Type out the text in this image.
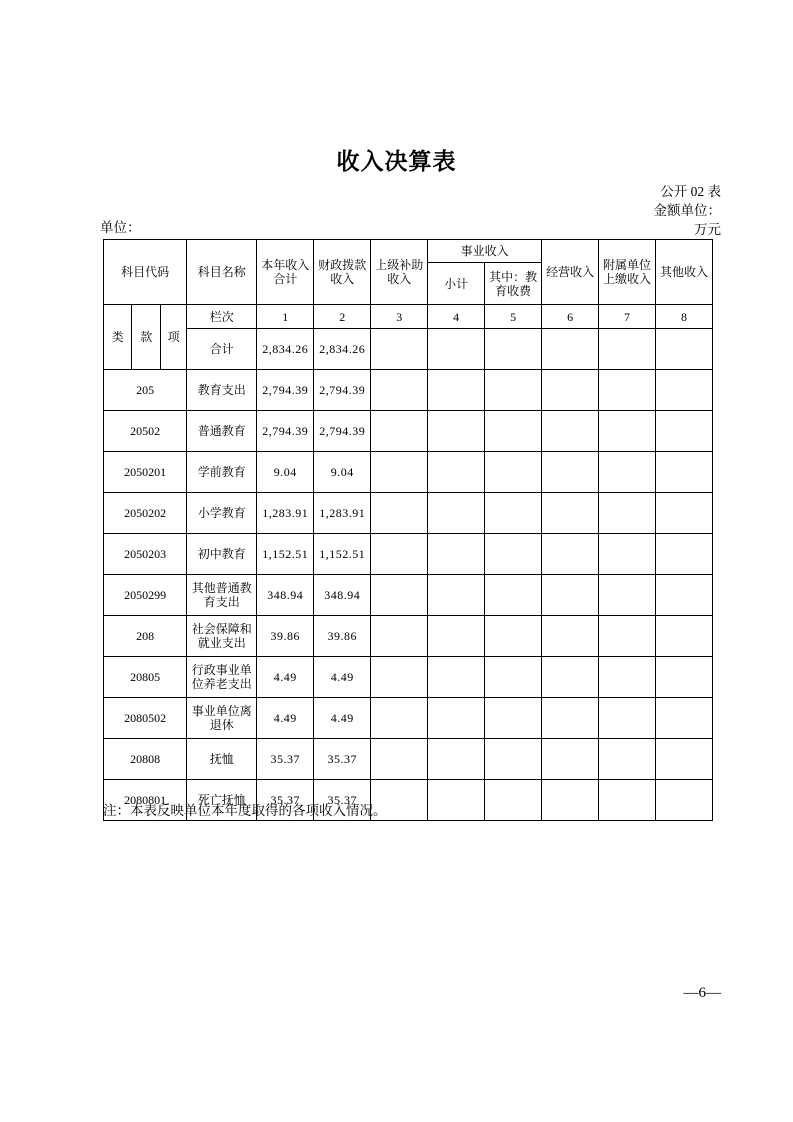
收入决算表
公开 02 表
金额单位：
万元
单位：
科目代码			科目名称	本年收入合计	财政拨款收入	上级补助收入	事业收入		经营收入	附属单位上缴收入	其他收入
							小计	其中：教育收费			
类	款	项	栏次	1	2	3	4	5	6	7	8
			合计	2,834.26	2,834.26						
205			教育支出	2,794.39	2,794.39						
20502			普通教育	2,794.39	2,794.39						
2050201			学前教育	9.04	9.04						
2050202			小学教育	1,283.91	1,283.91						
2050203			初中教育	1,152.51	1,152.51						
2050299			其他普通教育支出	348.94	348.94						
208			社会保障和就业支出	39.86	39.86						
20805			行政事业单位养老支出	4.49	4.49						
2080502			事业单位离退休	4.49	4.49						
20808			抚恤	35.37	35.37						
2080801			死亡抚恤	35.37	35.37						
注：本表反映单位本年度取得的各项收入情况。
—6—
